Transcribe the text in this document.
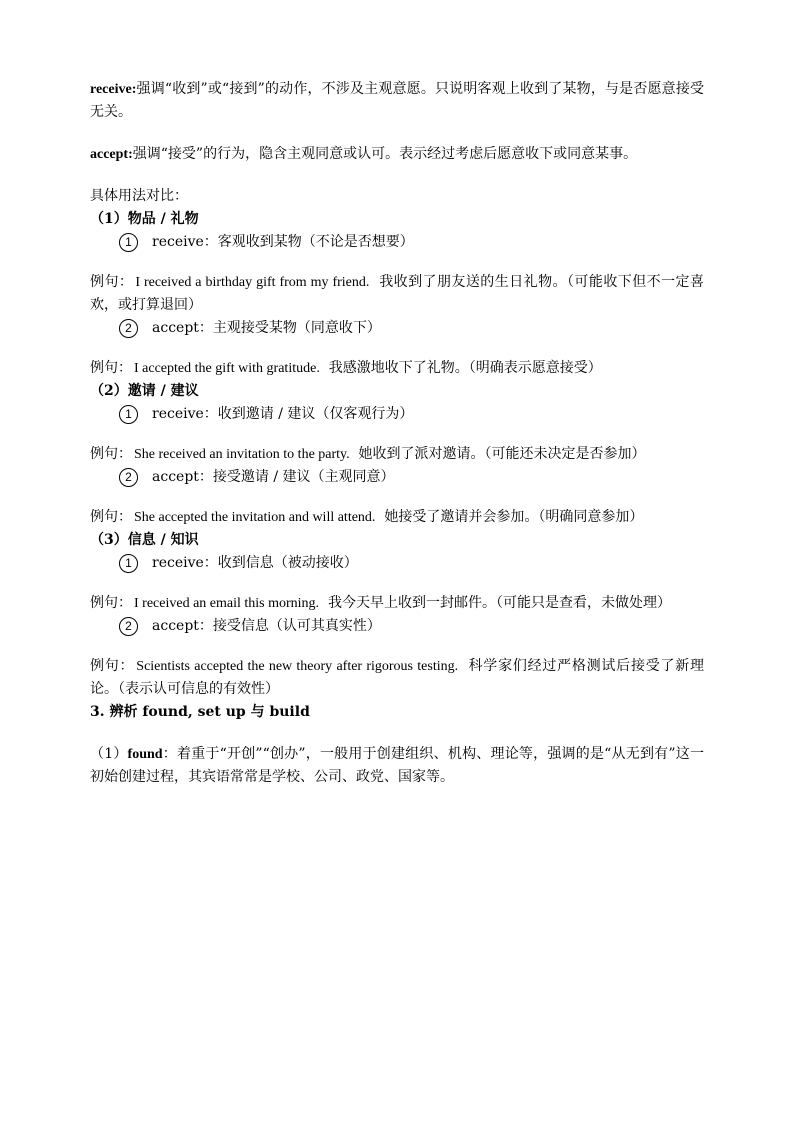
receive:强调“收到”或“接到”的动作，不涉及主观意愿。只说明客观上收到了某物，与是否愿意接受无关。

accept:强调“接受”的行为，隐含主观同意或认可。表示经过考虑后愿意收下或同意某事。

具体用法对比：

（1）物品 / 礼物

1	receive：客观收到某物（不论是否想要）

例句： I received a birthday gift from my friend. 我收到了朋友送的生日礼物。（可能收下但不一定喜欢，或打算退回）

2	accept：主观接受某物（同意收下）

例句： I accepted the gift with gratitude. 我感激地收下了礼物。（明确表示愿意接受）

（2）邀请 / 建议

1	receive：收到邀请 / 建议（仅客观行为）

例句： She received an invitation to the party. 她收到了派对邀请。（可能还未决定是否参加）

2	accept：接受邀请 / 建议（主观同意）

例句： She accepted the invitation and will attend. 她接受了邀请并会参加。（明确同意参加）

（3）信息 / 知识

1	receive：收到信息（被动接收）

例句： I received an email this morning. 我今天早上收到一封邮件。（可能只是查看，未做处理）

2	accept：接受信息（认可其真实性）

例句： Scientists accepted the new theory after rigorous testing. 科学家们经过严格测试后接受了新理论。（表示认可信息的有效性）

3. 辨析 found, set up 与 build

（1）found：着重于“开创”“创办”，一般用于创建组织、机构、理论等，强调的是“从无到有”这一初始创建过程，其宾语常常是学校、公司、政党、国家等。
